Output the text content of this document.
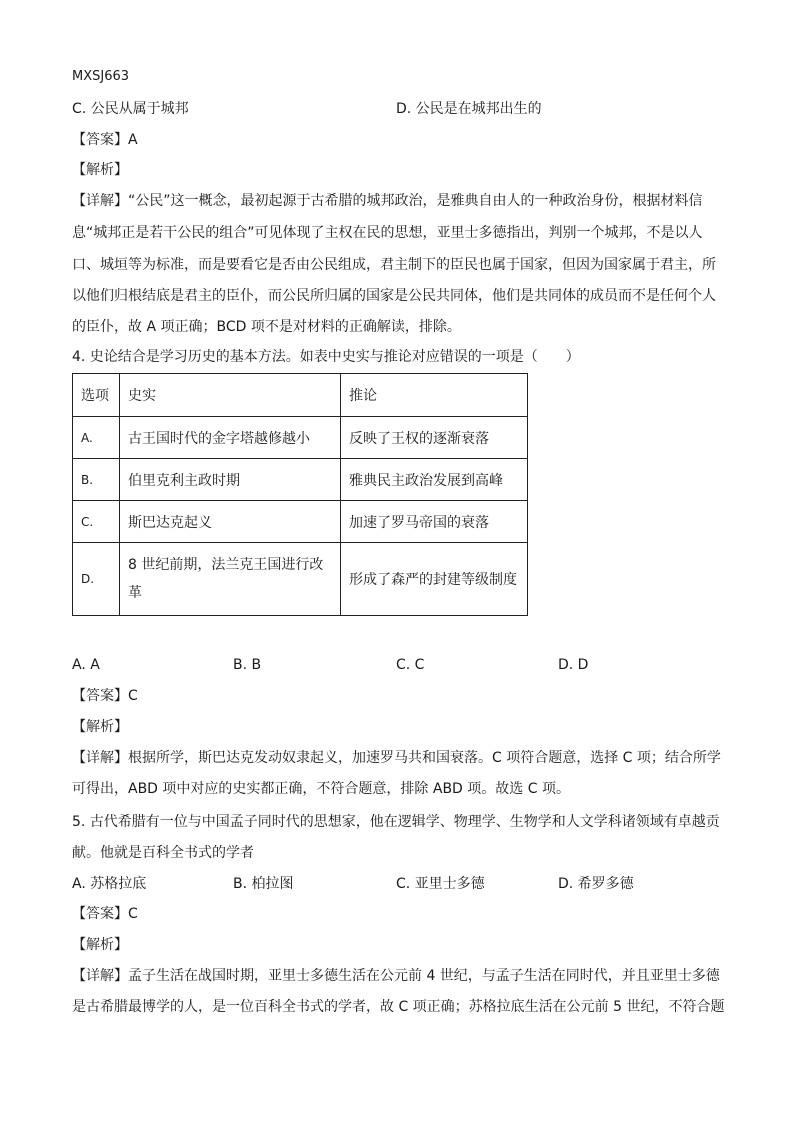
MXSJ663
C. 公民从属于城邦	D. 公民是在城邦出生的
【答案】A
【解析】
【详解】“公民”这一概念，最初起源于古希腊的城邦政治，是雅典自由人的一种政治身份，根据材料信
息“城邦正是若干公民的组合”可见体现了主权在民的思想，亚里士多德指出，判别一个城邦，不是以人
口、城垣等为标准，而是要看它是否由公民组成，君主制下的臣民也属于国家，但因为国家属于君主，所
以他们归根结底是君主的臣仆，而公民所归属的国家是公民共同体，他们是共同体的成员而不是任何个人
的臣仆，故 A 项正确；BCD 项不是对材料的正确解读，排除。
4. 史论结合是学习历史的基本方法。如表中史实与推论对应错误的一项是（　　）
选项	史实	推论
A.	古王国时代的金字塔越修越小	反映了王权的逐渐衰落
B.	伯里克利主政时期	雅典民主政治发展到高峰
C.	斯巴达克起义	加速了罗马帝国的衰落
D.	8 世纪前期，法兰克王国进行改革	形成了森严的封建等级制度
A. A	B. B	C. C	D. D
【答案】C
【解析】
【详解】根据所学，斯巴达克发动奴隶起义，加速罗马共和国衰落。C 项符合题意，选择 C 项；结合所学
可得出，ABD 项中对应的史实都正确，不符合题意，排除 ABD 项。故选 C 项。
5. 古代希腊有一位与中国孟子同时代的思想家，他在逻辑学、物理学、生物学和人文学科诸领域有卓越贡
献。他就是百科全书式的学者
A. 苏格拉底	B. 柏拉图	C. 亚里士多德	D. 希罗多德
【答案】C
【解析】
【详解】孟子生活在战国时期，亚里士多德生活在公元前 4 世纪，与孟子生活在同时代，并且亚里士多德
是古希腊最博学的人，是一位百科全书式的学者，故 C 项正确；苏格拉底生活在公元前 5 世纪，不符合题
